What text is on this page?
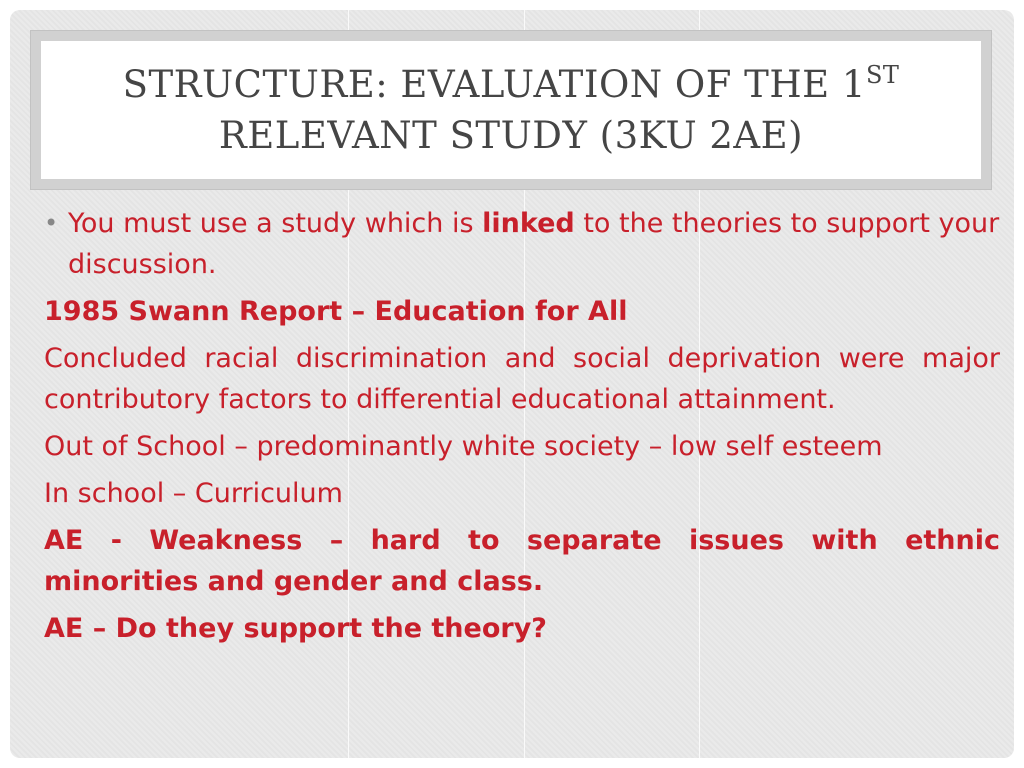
STRUCTURE: EVALUATION OF THE 1ST
RELEVANT STUDY (3KU 2AE)
• You must use a study which is linked to the theories to support your discussion.

1985 Swann Report – Education for All

Concluded racial discrimination and social deprivation were major contributory factors to differential educational attainment.

Out of School – predominantly white society – low self esteem

In school – Curriculum

AE - Weakness – hard to separate issues with ethnic minorities and gender and class.

AE – Do they support the theory?
